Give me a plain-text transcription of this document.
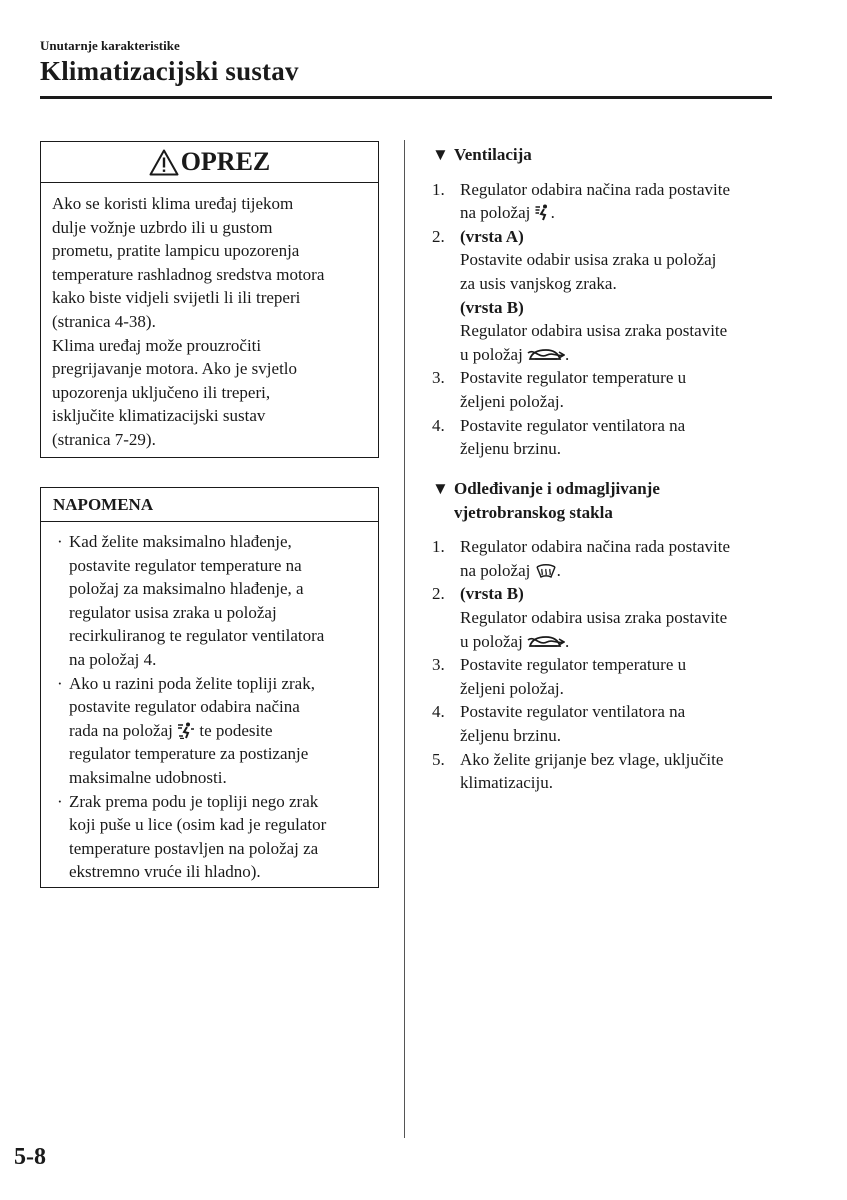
Unutarnje karakteristike
Klimatizacijski sustav
OPREZ
Ako se koristi klima uređaj tijekom
dulje vožnje uzbrdo ili u gustom
prometu, pratite lampicu upozorenja
temperature rashladnog sredstva motora
kako biste vidjeli svijetli li ili treperi
(stranica 4-38).
Klima uređaj može prouzročiti
pregrijavanje motora. Ako je svjetlo
upozorenja uključeno ili treperi,
isključite klimatizacijski sustav
(stranica 7-29).
NAPOMENA
· Kad želite maksimalno hlađenje,
postavite regulator temperature na
položaj za maksimalno hlađenje, a
regulator usisa zraka u položaj
recirkuliranog te regulator ventilatora
na položaj 4.
· Ako u razini poda želite topliji zrak,
postavite regulator odabira načina
rada na položaj te podesite
regulator temperature za postizanje
maksimalne udobnosti.
· Zrak prema podu je topliji nego zrak
koji puše u lice (osim kad je regulator
temperature postavljen na položaj za
ekstremno vruće ili hladno).
▼ Ventilacija
1. Regulator odabira načina rada postavite
na položaj .
2. (vrsta A)
Postavite odabir usisa zraka u položaj
za usis vanjskog zraka.
(vrsta B)
Regulator odabira usisa zraka postavite
u položaj .
3. Postavite regulator temperature u
željeni položaj.
4. Postavite regulator ventilatora na
željenu brzinu.
▼ Odleđivanje i odmagljivanje
vjetrobranskog stakla
1. Regulator odabira načina rada postavite
na položaj .
2. (vrsta B)
Regulator odabira usisa zraka postavite
u položaj .
3. Postavite regulator temperature u
željeni položaj.
4. Postavite regulator ventilatora na
željenu brzinu.
5. Ako želite grijanje bez vlage, uključite
klimatizaciju.
5-8
